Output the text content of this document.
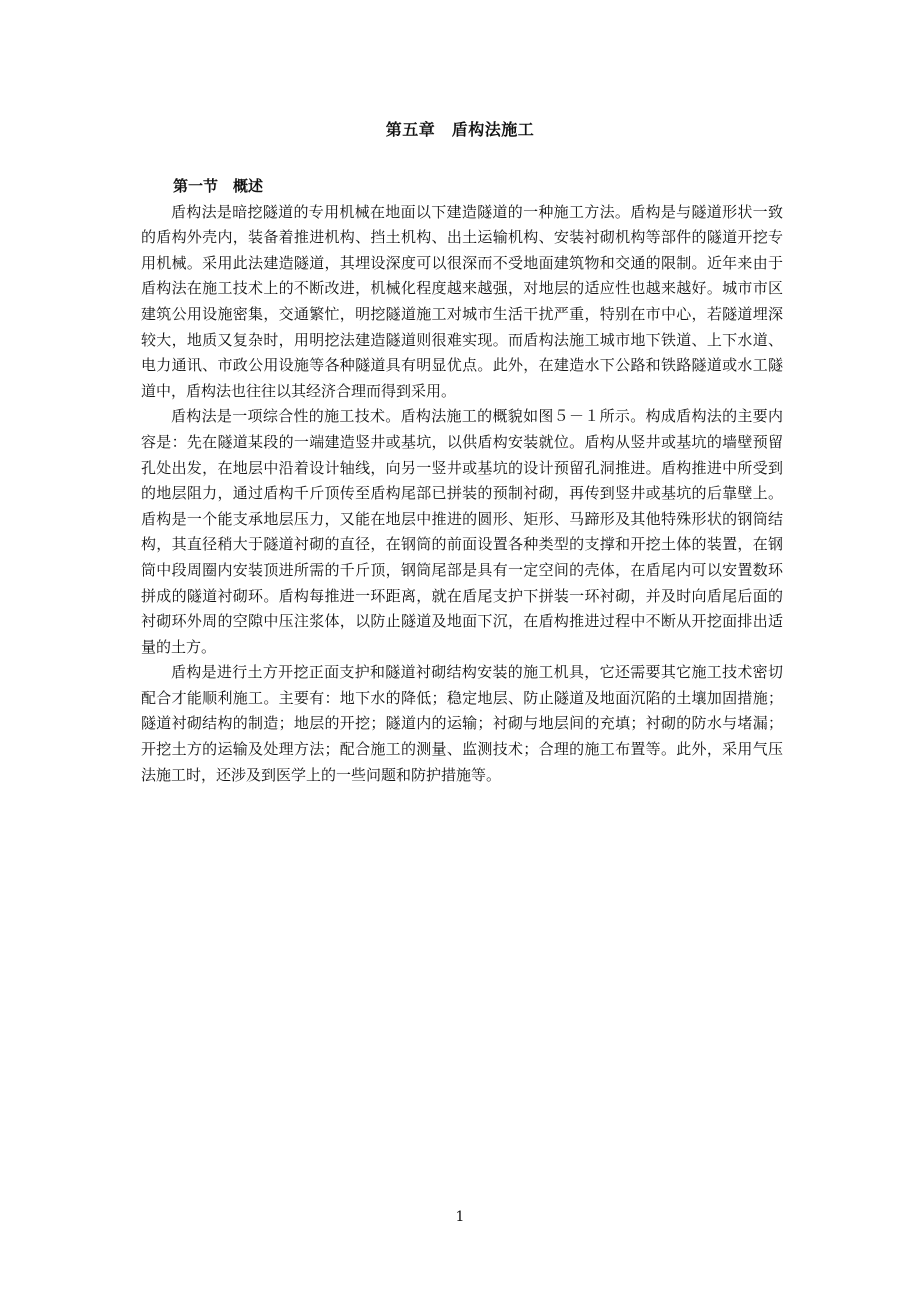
第五章　盾构法施工
第一节　概述

盾构法是暗挖隧道的专用机械在地面以下建造隧道的一种施工方法。盾构是与隧道形状一致的盾构外壳内，装备着推进机构、挡土机构、出土运输机构、安装衬砌机构等部件的隧道开挖专用机械。采用此法建造隧道，其埋设深度可以很深而不受地面建筑物和交通的限制。近年来由于盾构法在施工技术上的不断改进，机械化程度越来越强，对地层的适应性也越来越好。城市市区建筑公用设施密集，交通繁忙，明挖隧道施工对城市生活干扰严重，特别在市中心，若隧道埋深较大，地质又复杂时，用明挖法建造隧道则很难实现。而盾构法施工城市地下铁道、上下水道、电力通讯、市政公用设施等各种隧道具有明显优点。此外，在建造水下公路和铁路隧道或水工隧道中，盾构法也往往以其经济合理而得到采用。

盾构法是一项综合性的施工技术。盾构法施工的概貌如图５－１所示。构成盾构法的主要内容是：先在隧道某段的一端建造竖井或基坑，以供盾构安装就位。盾构从竖井或基坑的墙壁预留孔处出发，在地层中沿着设计轴线，向另一竖井或基坑的设计预留孔洞推进。盾构推进中所受到的地层阻力，通过盾构千斤顶传至盾构尾部已拼装的预制衬砌，再传到竖井或基坑的后靠壁上。盾构是一个能支承地层压力，又能在地层中推进的圆形、矩形、马蹄形及其他特殊形状的钢筒结构，其直径稍大于隧道衬砌的直径，在钢筒的前面设置各种类型的支撑和开挖土体的装置，在钢筒中段周圈内安装顶进所需的千斤顶，钢筒尾部是具有一定空间的壳体，在盾尾内可以安置数环拼成的隧道衬砌环。盾构每推进一环距离，就在盾尾支护下拼装一环衬砌，并及时向盾尾后面的衬砌环外周的空隙中压注浆体，以防止隧道及地面下沉，在盾构推进过程中不断从开挖面排出适量的土方。

盾构是进行土方开挖正面支护和隧道衬砌结构安装的施工机具，它还需要其它施工技术密切配合才能顺利施工。主要有：地下水的降低；稳定地层、防止隧道及地面沉陷的土壤加固措施；隧道衬砌结构的制造；地层的开挖；隧道内的运输；衬砌与地层间的充填；衬砌的防水与堵漏；开挖土方的运输及处理方法；配合施工的测量、监测技术；合理的施工布置等。此外，采用气压法施工时，还涉及到医学上的一些问题和防护措施等。

1
